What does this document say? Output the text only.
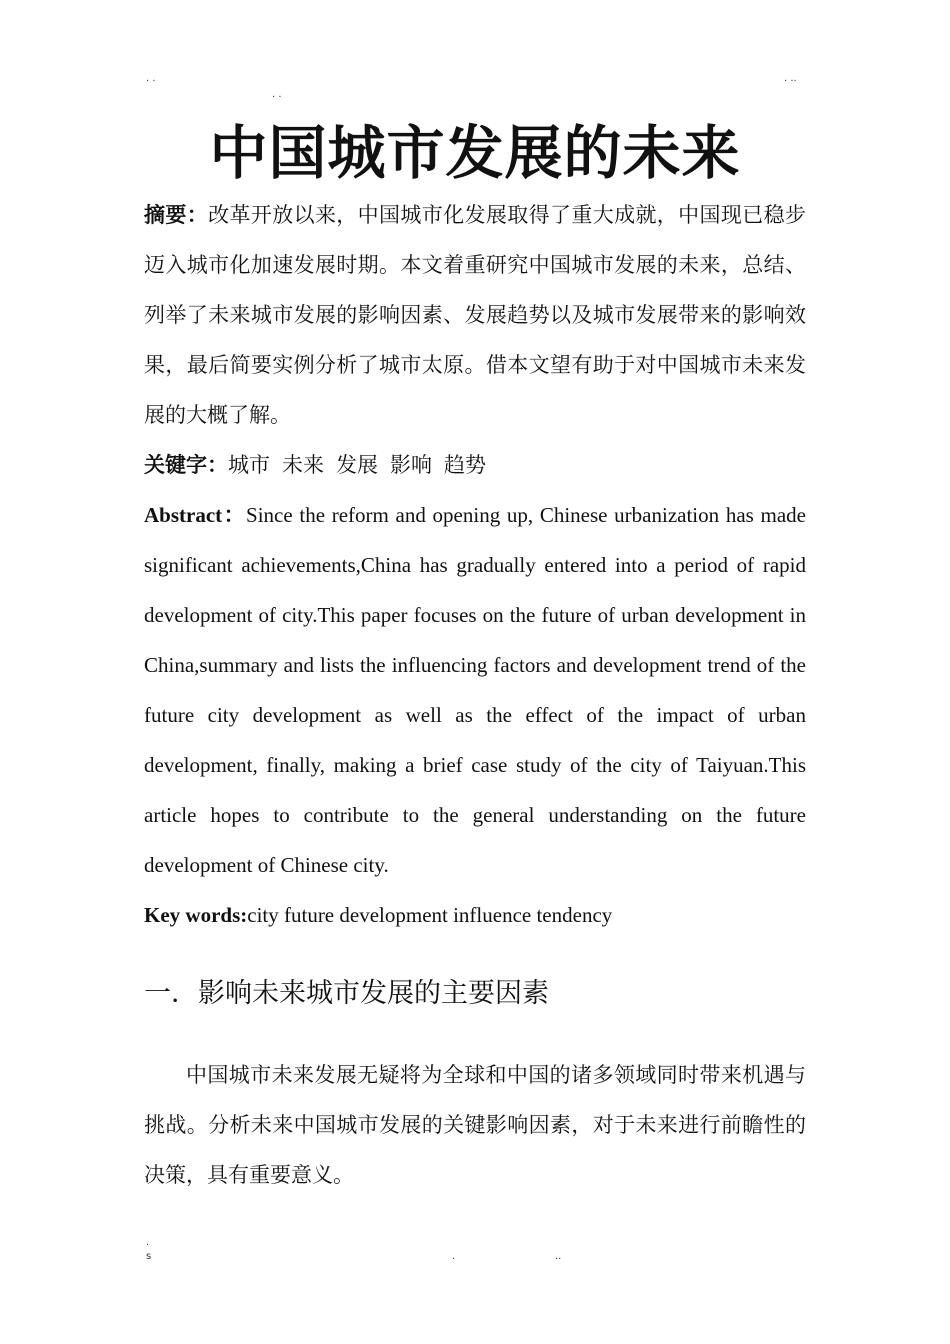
. .	. ..
. .
中国城市发展的未来

摘要：改革开放以来，中国城市化发展取得了重大成就，中国现已稳步迈入城市化加速发展时期。本文着重研究中国城市发展的未来，总结、列举了未来城市发展的影响因素、发展趋势以及城市发展带来的影响效果，最后简要实例分析了城市太原。借本文望有助于对中国城市未来发展的大概了解。

关键字：城市 未来 发展 影响 趋势

Abstract：Since the reform and opening up, Chinese urbanization has made significant achievements,China has gradually entered into a period of rapid development of city.This paper focuses on the future of urban development in China,summary and lists the influencing factors and development trend of the future city development as well as the effect of the impact of urban development, finally, making a brief case study of the city of Taiyuan.This article hopes to contribute to the general understanding on the future development of Chinese city.

Key words:city future development influence tendency

一．影响未来城市发展的主要因素

中国城市未来发展无疑将为全球和中国的诸多领域同时带来机遇与挑战。分析未来中国城市发展的关键影响因素，对于未来进行前瞻性的决策，具有重要意义。

.
s	.	..
